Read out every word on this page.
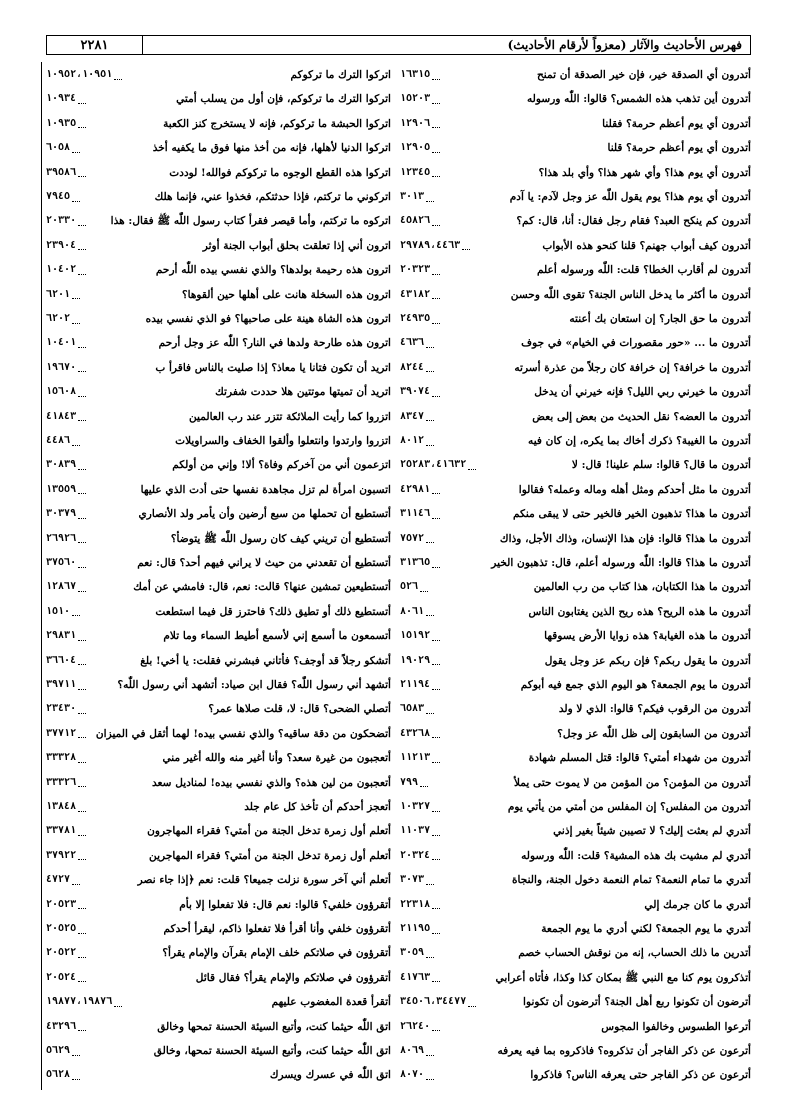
٢٢٨١	فهرس الأحاديث والآثار (معزواً لأرقام الأحاديث)
أتدرون أي الصدقة خير، فإن خير الصدقة أن تمنح
١٦٣١٥
أتدرون أين تذهب هذه الشمس؟ قالوا: اللّٰه ورسوله
١٥٢٠٣
أتدرون أي يوم أعظم حرمة؟ فقلنا
١٢٩٠٦
أتدرون أي يوم أعظم حرمة؟ قلنا
١٢٩٠٥
أتدرون أي يوم هذا؟ وأي شهر هذا؟ وأي بلد هذا؟
١٢٣٤٥
أتدرون أي يوم هذا؟ يوم يقول اللّٰه عز وجل لآدم: يا آدم
٣٠١٣
أتدرون كم ينكح العبد؟ فقام رجل فقال: أنا، قال: كم؟
٤٥٨٢٦
أتدرون كيف أبواب جهنم؟ قلنا كنحو هذه الأبواب
٢٩٧٨٩،٤٤٦٣
أتدرون لم أقارب الخطا؟ قلت: اللّٰه ورسوله أعلم
٢٠٣٢٣
أتدرون ما أكثر ما يدخل الناس الجنة؟ تقوى اللّٰه وحسن
٤٣١٨٢
أتدرون ما حق الجار؟ إن استعان بك أعنته
٢٤٩٣٥
أتدرون ما ... «حور مقصورات في الخيام» في جوف
٤٦٣٦
أتدرون ما خرافة؟ إن خرافة كان رجلاً من عذرة أسرته
٨٢٤٤
أتدرون ما خيرني ربي الليل؟ فإنه خيرني أن يدخل
٣٩٠٧٤
أتدرون ما العضه؟ نقل الحديث من بعض إلى بعض
٨٣٤٧
أتدرون ما الغيبة؟ ذكرك أخاك بما يكره، إن كان فيه
٨٠١٢
أتدرون ما قال؟ قالوا: سلم علينا! قال: لا
٢٥٢٨٣،٤١٦٣٢
أتدرون ما مثل أحدكم ومثل أهله وماله وعمله؟ فقالوا
٤٢٩٨١
أتدرون ما هذا؟ تذهبون الخير فالخير حتى لا يبقى منكم
٣١١٤٦
أتدرون ما هذا؟ قالوا: فإن هذا الإنسان، وذاك الأجل، وذاك
٧٥٧٢
أتدرون ما هذا؟ قالوا: اللّٰه ورسوله أعلم، قال: تذهبون الخير
٣١٣٦٥
أتدرون ما هذا الكتابان، هذا كتاب من رب العالمين
٥٢٦
أتدرون ما هذه الريح؟ هذه ريح الذين يغتابون الناس
٨٠٦١
أتدرون ما هذه الغيابة؟ هذه زوايا الأرض يسوقها
١٥١٩٢
أتدرون ما يقول ربكم؟ فإن ربكم عز وجل يقول
١٩٠٢٩
أتدرون ما يوم الجمعة؟ هو اليوم الذي جمع فيه أبوكم
٢١١٩٤
أتدرون من الرقوب فيكم؟ قالوا: الذي لا ولد
٦٥٨٣
أتدرون من السابقون إلى ظل اللّٰه عز وجل؟
٤٣٢٦٨
أتدرون من شهداء أمتي؟ قالوا: قتل المسلم شهادة
١١٢١٣
أتدرون من المؤمن؟ من المؤمن من لا يموت حتى يملأ
٧٩٩
أتدرون من المفلس؟ إن المفلس من أمتي من يأتي يوم
١٠٣٢٧
أتدري لم بعثت إليك؟ لا تصيبن شيئاً بغير إذني
١١٠٣٧
أتدري لم مشيت بك هذه المشية؟ قلت: اللّٰه ورسوله
٢٠٣٢٤
أتدري ما تمام النعمة؟ تمام النعمة دخول الجنة، والنجاة
٣٠٧٣
أتدري ما كان جرمك إلي
٢٢٣١٨
أتدري ما يوم الجمعة؟ لكني أدري ما يوم الجمعة
٢١١٩٥
أتدرين ما ذلك الحساب، إنه من نوقش الحساب خصم
٣٠٥٩
أتذكرون يوم كنا مع النبي ﷺ بمكان كذا وكذا، فأتاه أعرابي
٤١٧٦٣
أترضون أن تكونوا ربع أهل الجنة؟ أترضون أن تكونوا
٣٤٥٠٦،٣٤٤٧٧
أترعوا الطسوس وخالفوا المجوس
٢٦٢٤٠
أترعون عن ذكر الفاجر أن تذكروه؟ فاذكروه بما فيه يعرفه
٨٠٦٩
أترعون عن ذكر الفاجر حتى يعرفه الناس؟ فاذكروا
٨٠٧٠
اتركوا الترك ما تركوكم
١٠٩٥٢،١٠٩٥١
اتركوا الترك ما تركوكم، فإن أول من يسلب أمتي
١٠٩٣٤
اتركوا الحبشة ما تركوكم، فإنه لا يستخرج كنز الكعبة
١٠٩٣٥
اتركوا الدنيا لأهلها، فإنه من أخذ منها فوق ما يكفيه أخذ
٦٠٥٨
اتركوا هذه القطع الوجوه ما تركوكم فوالله! لوددت
٣٩٥٨٦
اتركوني ما تركتم، فإذا حدثتكم، فخذوا عني، فإنما هلك
٧٩٤٥
اتركوه ما تركتم، وأما قيصر فقرأ كتاب رسول اللّٰه ﷺ فقال: هذا
٢٠٣٣٠
اترون أني إذا تعلقت بحلق أبواب الجنة أوثر
٢٣٩٠٤
اترون هذه رحيمة بولدها؟ والذي نفسي بيده اللّٰه أرحم
١٠٤٠٢
اترون هذه السخلة هانت على أهلها حين ألقوها؟
٦٢٠١
اترون هذه الشاة هينة على صاحبها؟ فو الذي نفسي بيده
٦٢٠٢
اترون هذه طارحة ولدها في النار؟ اللّٰه عز وجل أرحم
١٠٤٠١
اتريد أن تكون فتانا يا معاذ؟ إذا صليت بالناس فاقرأ ب
١٩٦٧٠
اتريد أن تميتها موتتين هلا حددت شفرتك
١٥٦٠٨
اتزروا كما رأيت الملائكة تتزر عند رب العالمين
٤١٨٤٣
اتزروا وارتدوا وانتعلوا وألقوا الخفاف والسراويلات
٤٤٨٦
اتزعمون أني من آخركم وفاة؟ ألا! وإني من أولكم
٣٠٨٣٩
اتسبون امرأة لم تزل مجاهدة نفسها حتى أدت الذي عليها
١٣٥٥٩
أتستطيع أن تحملها من سبع أرضين وأن يأمر ولد الأنصاري
٣٠٣٧٩
أتستطيع أن تريني كيف كان رسول اللّٰه ﷺ يتوضأ؟
٢٦٩٢٦
أتستطيع أن تقعدني من حيث لا يراني فيهم أحد؟ قال: نعم
٣٧٥٦٠
أتستطيعين تمشين عنها؟ قالت: نعم، قال: فامشي عن أمك
١٢٨٦٧
أتستطيع ذلك أو تطيق ذلك؟ فاحترز قل فيما استطعت
١٥١٠
أتسمعون ما أسمع إني لأسمع أطيط السماء وما تلام
٢٩٨٣١
أتشكو رجلاً قد أوجف؟ فأتاني فبشرني فقلت: يا أخي! بلغ
٣٦٦٠٤
أتشهد أني رسول اللّٰه؟ فقال ابن صياد: أتشهد أني رسول اللّٰه؟
٣٩٧١١
أتصلي الضحى؟ قال: لا، قلت صلاها عمر؟
٢٣٤٣٠
أتضحكون من دقة ساقيه؟ والذي نفسي بيده! لهما أثقل في الميزان
٣٧٧١٢
أتعجبون من غيرة سعد؟ وأنا أغير منه والله أغير مني
٣٣٣٢٨
أتعجبون من لين هذه؟ والذي نفسي بيده! لمناديل سعد
٣٣٣٢٦
أتعجز أحدكم أن تأخذ كل عام جلد
١٣٨٤٨
أتعلم أول زمرة تدخل الجنة من أمتي؟ فقراء المهاجرون
٣٣٧٨١
أتعلم أول زمرة تدخل الجنة من أمتي؟ فقراء المهاجرين
٣٧٩٢٢
أتعلم أني آخر سورة نزلت جميعا؟ قلت: نعم ﴿إذا جاء نصر
٤٧٢٧
أتقرؤون خلفي؟ قالوا: نعم قال: فلا تفعلوا إلا بأم
٢٠٥٢٣
أتقرؤون خلفي وأنا أقرأ فلا تفعلوا ذاكم، ليقرأ أحدكم
٢٠٥٢٥
أتقرؤون في صلاتكم خلف الإمام بقرآن والإمام يقرأ؟
٢٠٥٢٢
أتقرؤون في صلاتكم والإمام يقرأ؟ فقال قائل
٢٠٥٢٤
أتقرأ قعدة المغضوب عليهم
١٩٨٧٧،١٩٨٧٦
اتق اللّٰه حيثما كنت، وأتبع السيئة الحسنة تمحها وخالق
٤٣٢٩٦
اتق اللّٰه حيثما كنت، وأتبع السيئة الحسنة تمحها، وخالق
٥٦٢٩
اتق اللّٰه في عسرك ويسرك
٥٦٢٨
